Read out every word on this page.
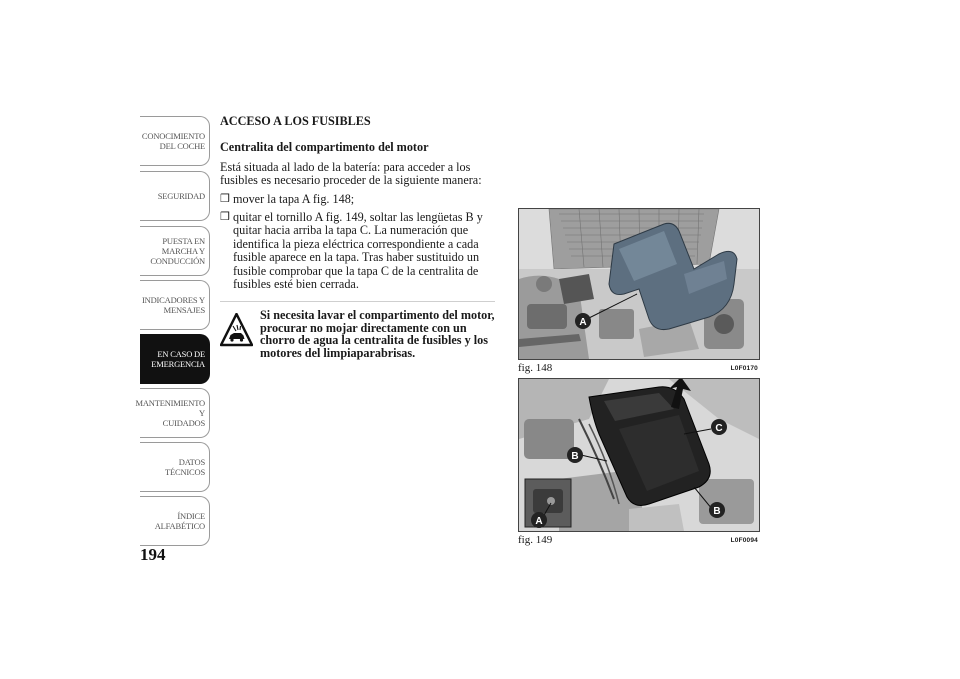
CONOCIMIENTO
DEL COCHE
SEGURIDAD
PUESTA EN
MARCHA Y
CONDUCCIÓN
INDICADORES Y
MENSAJES
EN CASO DE
EMERGENCIA
MANTENIMIENTO Y
CUIDADOS
DATOS TÉCNICOS
ÍNDICE
ALFABÉTICO
194
ACCESO A LOS FUSIBLES
Centralita del compartimento del motor

Está situada al lado de la batería: para acceder a los fusibles es necesario proceder de la siguiente manera:

❒ mover la tapa A fig. 148;
❒ quitar el tornillo A fig. 149, soltar las lengüetas B y quitar hacia arriba la tapa C. La numeración que identifica la pieza eléctrica correspondiente a cada fusible aparece en la tapa. Tras haber sustituido un fusible comprobar que la tapa C de la centralita de fusibles esté bien cerrada.
Si necesita lavar el compartimento del motor, procurar no mojar directamente con un chorro de agua la centralita de fusibles y los motores del limpiaparabrisas.
A
fig. 148	L0F0170
C
B
B
A
fig. 149	L0F0094
